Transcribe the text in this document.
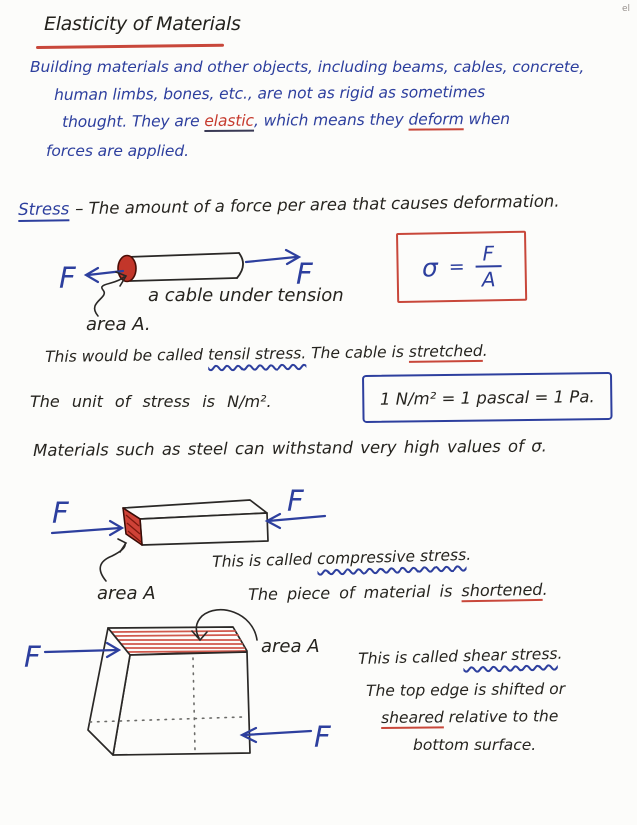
el
Elasticity of Materials
Building materials and other objects, including beams, cables, concrete,
human limbs, bones, etc., are not as rigid as sometimes
thought. They are elastic, which means they deform when
forces are applied.
Stress – The amount of a force per area that causes deformation.
F	F
a cable under tension
area A.
$\sigma = \frac{F}{A}$
This would be called tensil stress. The cable is stretched.
The unit of stress is N/m².	1 N/m² = 1 pascal = 1 Pa.
Materials such as steel can withstand very high values of σ.
F	F
area A
This is called compressive stress.
The piece of material is shortened.
F
F
area A
This is called shear stress.
The top edge is shifted or
sheared relative to the
bottom surface.
